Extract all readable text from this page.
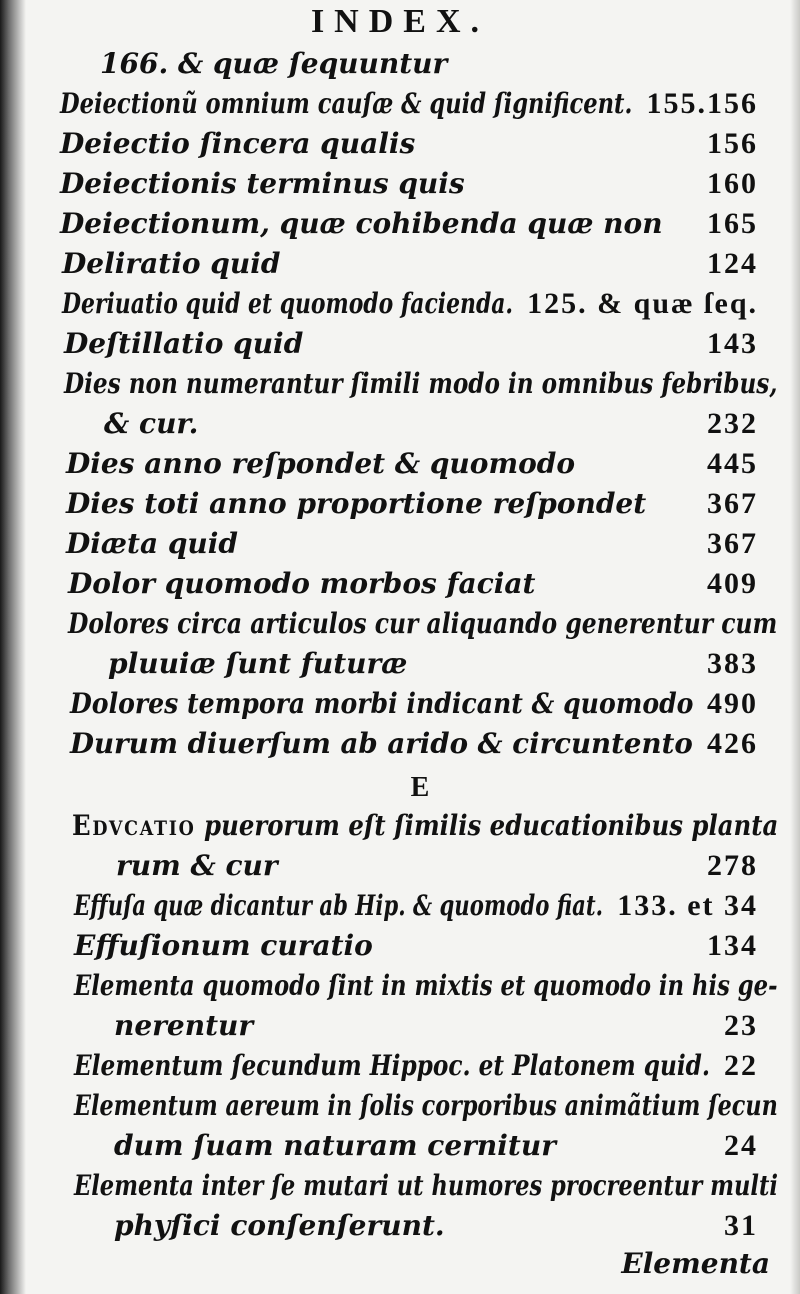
INDEX.
166. & quæ ſequuntur
Deiectionũ omnium cauſæ & quid ſignificent. 155.156
Deiectio ſincera qualis	156
Deiectionis terminus quis	160
Deiectionum, quæ cohibenda quæ non 165
Deliratio quid	124
Deriuatio quid et quomodo facienda. 125. & quæ ſeq.
Deſtillatio quid	143
Dies non numerantur ſimili modo in omnibus febribus,
& cur.	232
Dies anno reſpondet & quomodo	445
Dies toti anno proportione reſpondet 367
Diæta quid	367
Dolor quomodo morbos faciat	409
Dolores circa articulos cur aliquando generentur cum
pluuiæ ſunt futuræ	383
Dolores tempora morbi indicant & quomodo 490
Durum diuerſum ab arido & circuntento 426
E
Edvcatio puerorum eſt ſimilis educationibus planta
rum & cur	278
Effuſa quæ dicantur ab Hip. & quomodo fiat. 133. et 34
Effuſionum curatio	134
Elementa quomodo ſint in mixtis et quomodo in his ge-
nerentur	23
Elementum ſecundum Hippoc. et Platonem quid. 22
Elementum aereum in ſolis corporibus animãtium ſecun
dum ſuam naturam cernitur	24
Elementa inter ſe mutari ut humores procreentur multi
phyſici conſenſerunt.	31
Elementa
